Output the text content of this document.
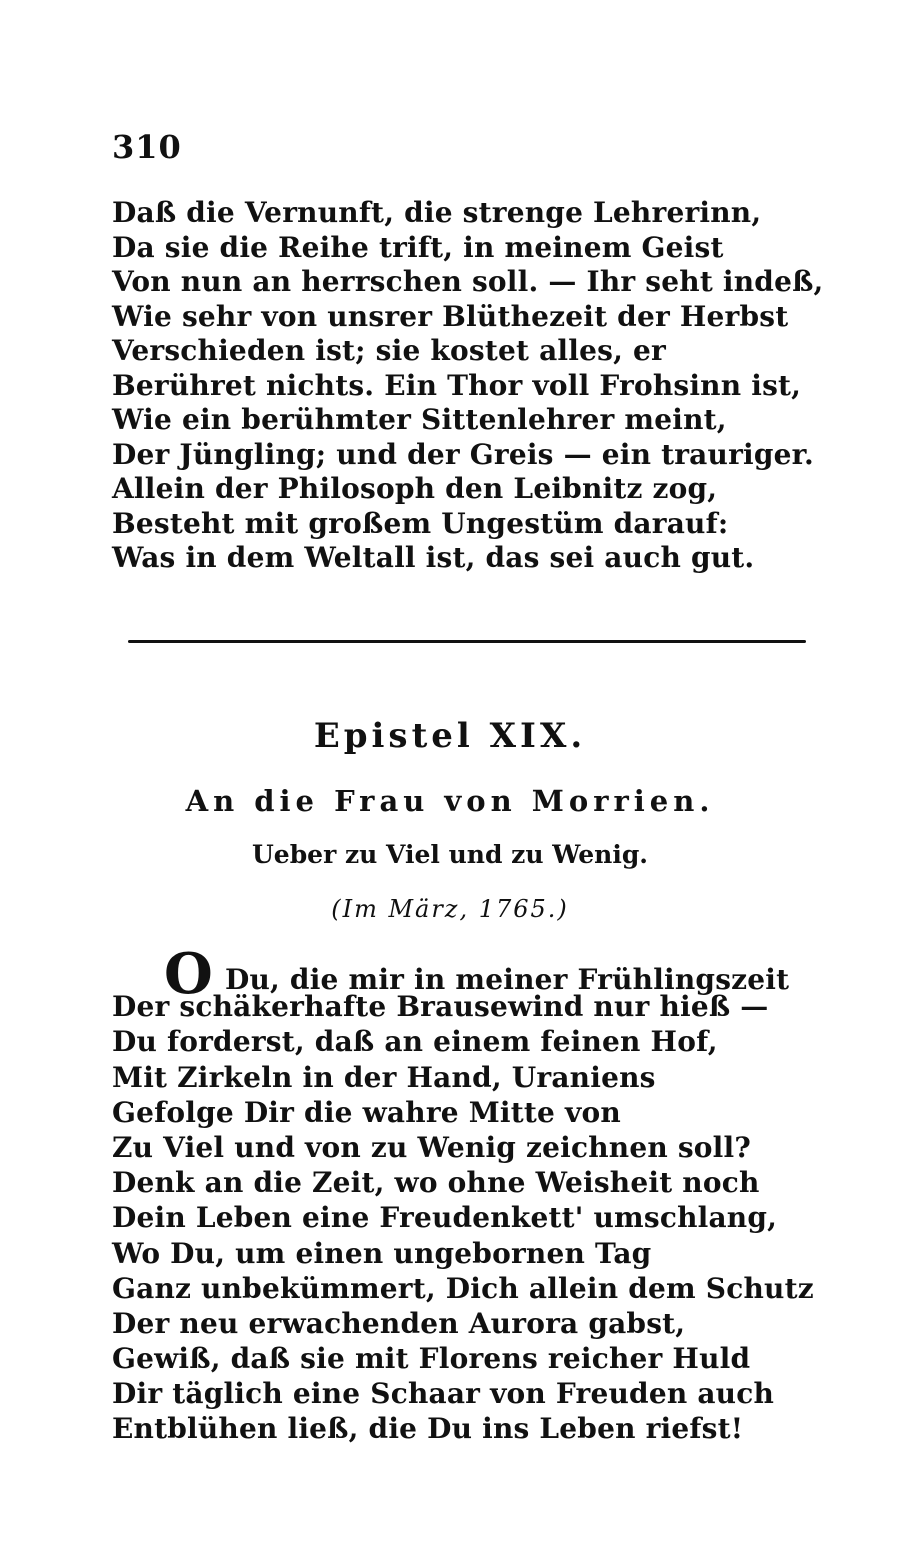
310
Daß die Vernunft, die strenge Lehrerinn,
Da sie die Reihe trift, in meinem Geist
Von nun an herrschen soll. — Ihr seht indeß,
Wie sehr von unsrer Blüthezeit der Herbst
Verschieden ist; sie kostet alles, er
Berühret nichts. Ein Thor voll Frohsinn ist,
Wie ein berühmter Sittenlehrer meint,
Der Jüngling; und der Greis — ein trauriger.
Allein der Philosoph den Leibnitz zog,
Besteht mit großem Ungestüm darauf:
Was in dem Weltall ist, das sei auch gut.
Epistel XIX.
An die Frau von Morrien.
Ueber zu Viel und zu Wenig.
(Im März, 1765.)
O Du, die mir in meiner Frühlingszeit
Der schäkerhafte Brausewind nur hieß —
Du forderst, daß an einem feinen Hof,
Mit Zirkeln in der Hand, Uraniens
Gefolge Dir die wahre Mitte von
Zu Viel und von zu Wenig zeichnen soll?
Denk an die Zeit, wo ohne Weisheit noch
Dein Leben eine Freudenkett' umschlang,
Wo Du, um einen ungebornen Tag
Ganz unbekümmert, Dich allein dem Schutz
Der neu erwachenden Aurora gabst,
Gewiß, daß sie mit Florens reicher Huld
Dir täglich eine Schaar von Freuden auch
Entblühen ließ, die Du ins Leben riefst!
